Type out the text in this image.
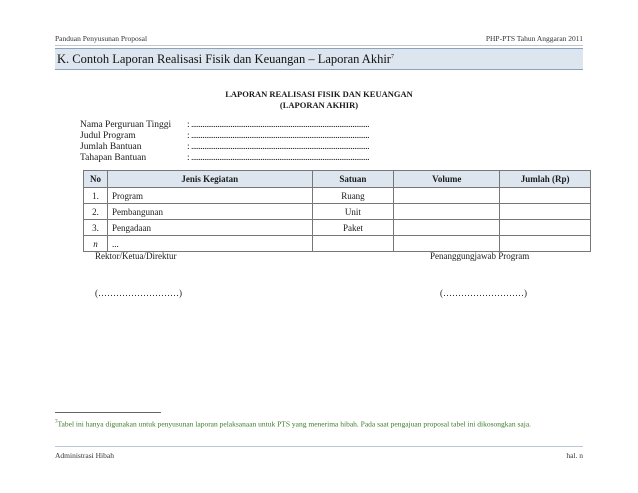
Panduan Penyusunan Proposal	PHP-PTS Tahun Anggaran 2011
K. Contoh Laporan Realisasi Fisik dan Keuangan – Laporan Akhir$^7$
LAPORAN REALISASI FISIK DAN KEUANGAN
(LAPORAN AKHIR)
Nama Perguruan Tinggi : ...............................................................................................
Judul Program	: ...............................................................................................
Jumlah Bantuan	: ...............................................................................................
Tahapan Bantuan	: ...............................................................................................
No	Jenis Kegiatan	Satuan	Volume	Jumlah (Rp)
1.	Program	Ruang		
2.	Pembangunan	Unit		
3.	Pengadaan	Paket		
n	...			
Rektor/Ketua/Direktur	Penanggungjawab Program
(………………………)	(………………………)
$^7$Tabel ini hanya digunakan untuk penyusunan laporan pelaksanaan untuk PTS yang menerima hibah. Pada saat pengajuan proposal tabel ini dikosongkan saja.
Administrasi Hibah	hal. n
